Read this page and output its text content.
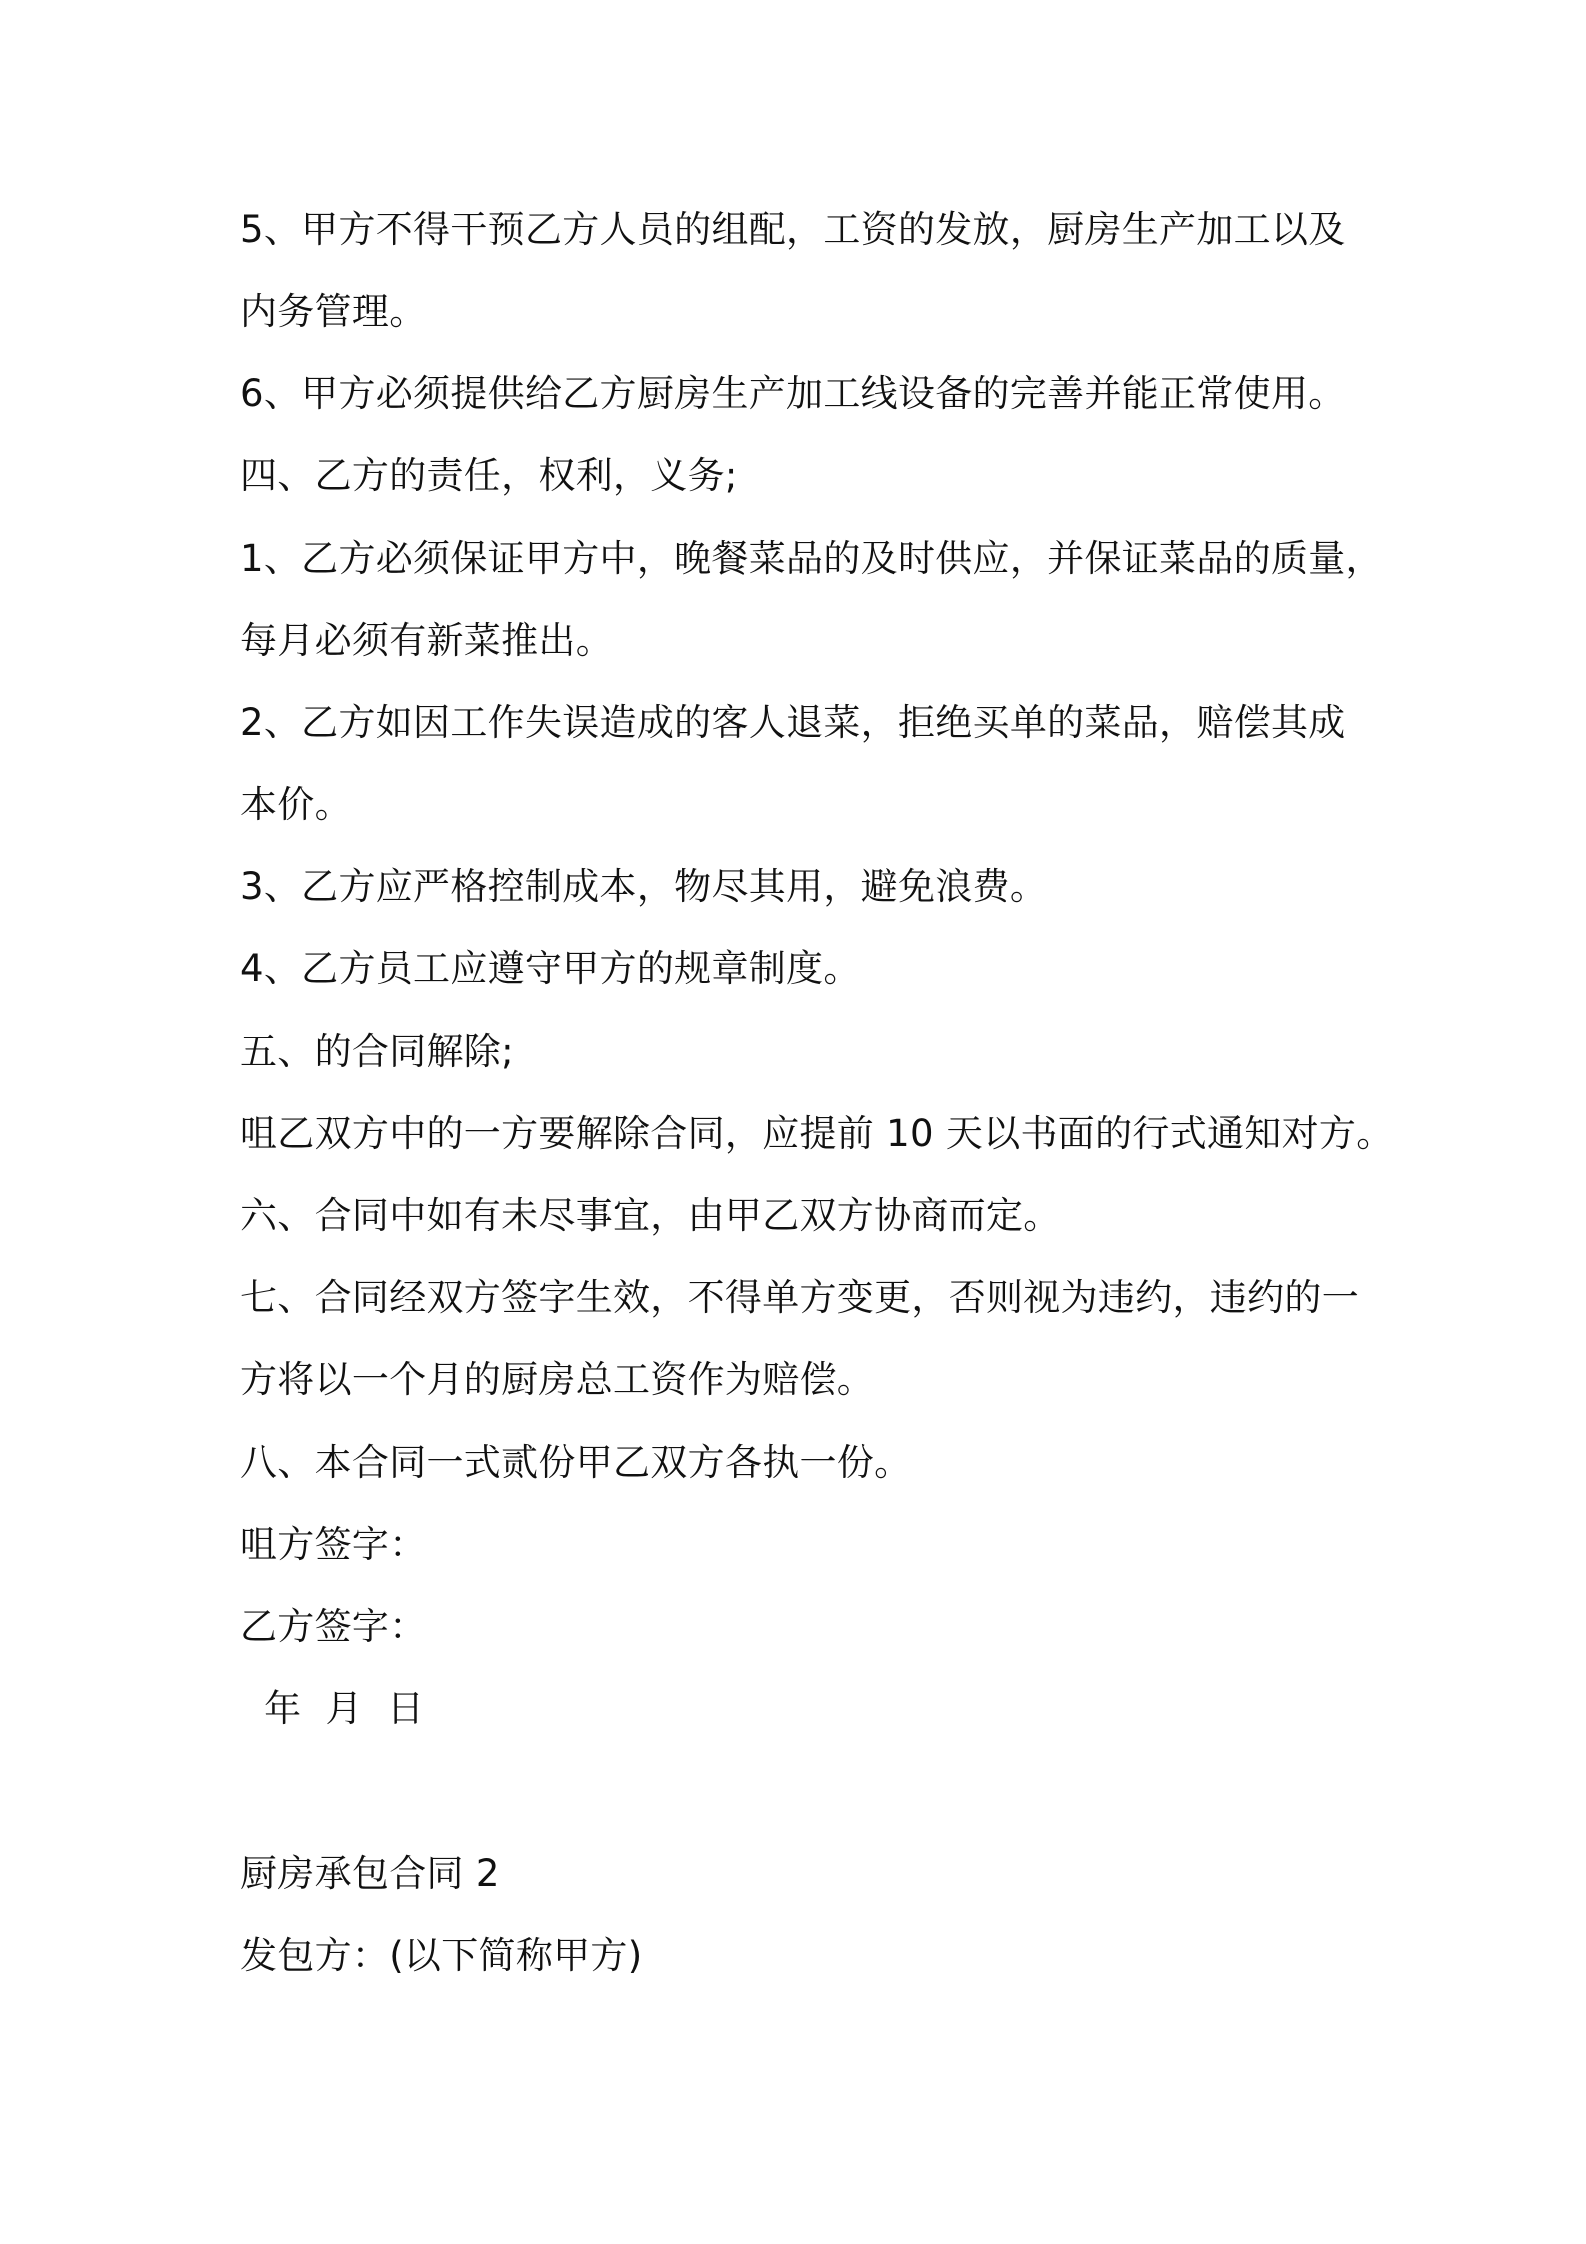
5、甲方不得干预乙方人员的组配，工资的发放，厨房生产加工以及
内务管理。
6、甲方必须提供给乙方厨房生产加工线设备的完善并能正常使用。
四、乙方的责任，权利，义务;
1、乙方必须保证甲方中，晚餐菜品的及时供应，并保证菜品的质量，
每月必须有新菜推出。
2、乙方如因工作失误造成的客人退菜，拒绝买单的菜品，赔偿其成
本价。
3、乙方应严格控制成本，物尽其用，避免浪费。
4、乙方员工应遵守甲方的规章制度。
五、的合同解除;
咀乙双方中的一方要解除合同，应提前 10 天以书面的行式通知对方。
六、合同中如有未尽事宜，由甲乙双方协商而定。
七、合同经双方签字生效，不得单方变更，否则视为违约，违约的一
方将以一个月的厨房总工资作为赔偿。
八、本合同一式贰份甲乙双方各执一份。
咀方签字：
乙方签字：
年  月  日
厨房承包合同 2
发包方：(以下简称甲方)
